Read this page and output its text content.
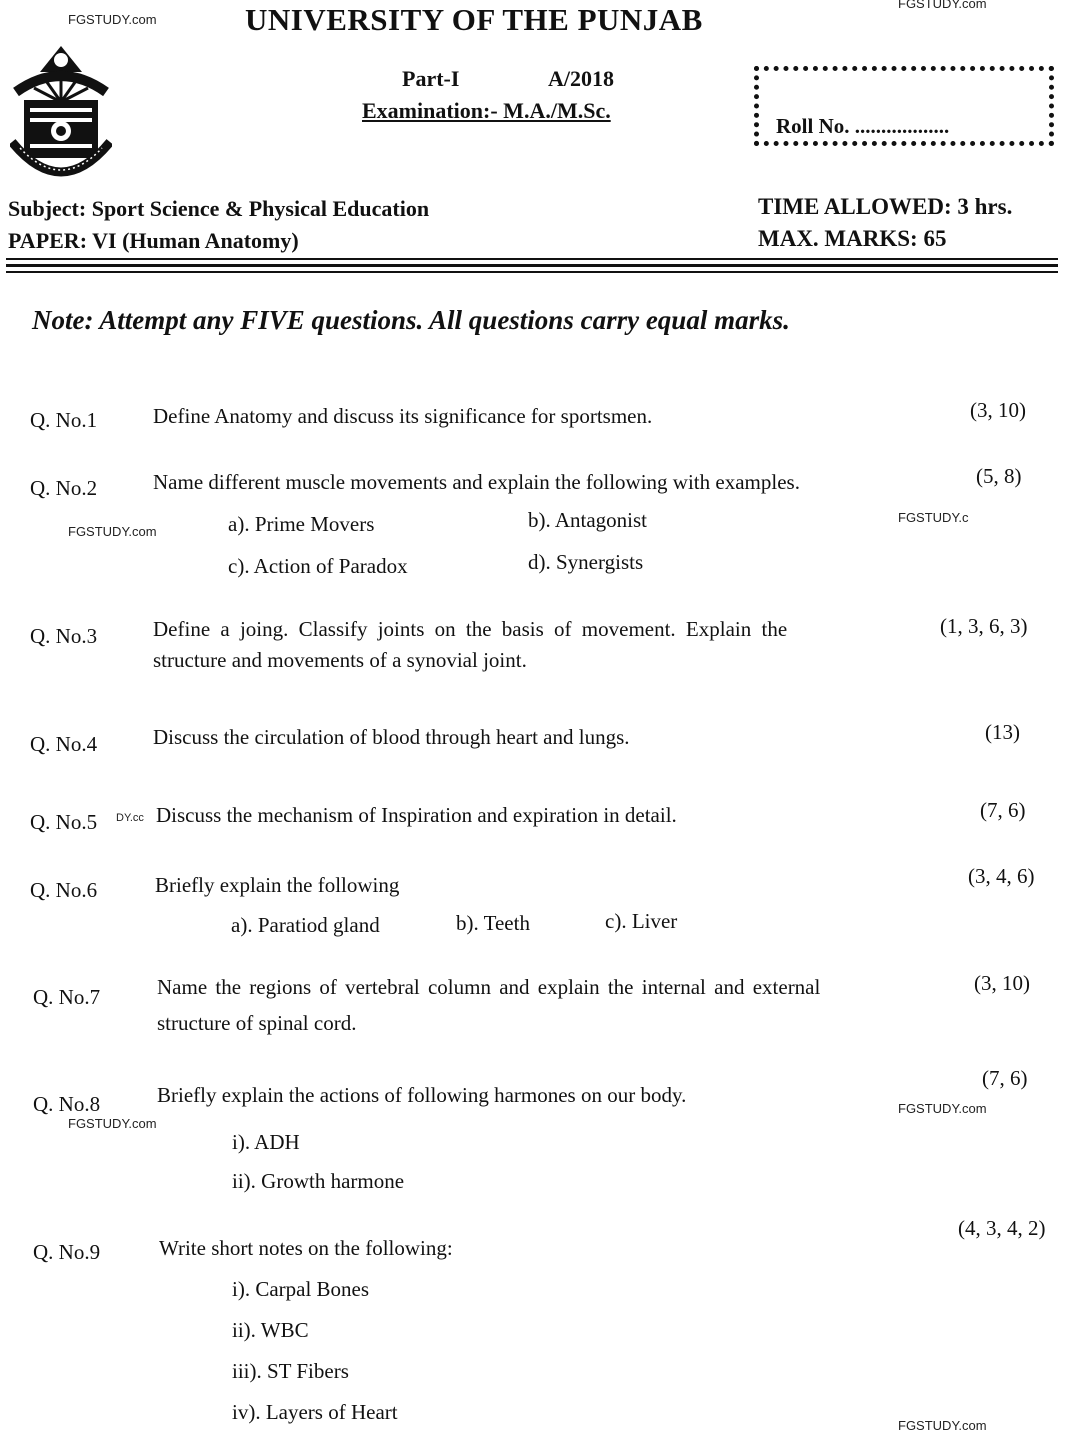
FGSTUDY.com
FGSTUDY.com
FGSTUDY.com
FGSTUDY.c
DY.cc
FGSTUDY.com
FGSTUDY.com
FGSTUDY.com
UNIVERSITY OF THE PUNJAB
Part-I	A/2018
Examination:- M.A./M.Sc.
Roll No. ..................
Subject: Sport Science & Physical Education
PAPER: VI (Human Anatomy)
TIME ALLOWED: 3 hrs.
MAX. MARKS: 65
Note: Attempt any FIVE questions. All questions carry equal marks.
Q. No.1	Define Anatomy and discuss its significance for sportsmen.	(3, 10)
Q. No.2	Name different muscle movements and explain the following with examples.	(5, 8)
a). Prime Movers	b). Antagonist
c). Action of Paradox	d). Synergists
Q. No.3	Define a joing. Classify joints on the basis of movement. Explain the
structure and movements of a synovial joint.
(1, 3, 6, 3)
Q. No.4	Discuss the circulation of blood through heart and lungs.	(13)
Q. No.5	Discuss the mechanism of Inspiration and expiration in detail.	(7, 6)
Q. No.6	Briefly explain the following	(3, 4, 6)
a). Paratiod gland	b). Teeth	c). Liver
Q. No.7	Name the regions of vertebral column and explain the internal and external
structure of spinal cord.
(3, 10)
Q. No.8	Briefly explain the actions of following harmones on our body.
(7, 6)
i). ADH
ii). Growth harmone
Q. No.9	Write short notes on the following:
(4, 3, 4, 2)
i). Carpal Bones
ii). WBC
iii). ST Fibers
iv). Layers of Heart
